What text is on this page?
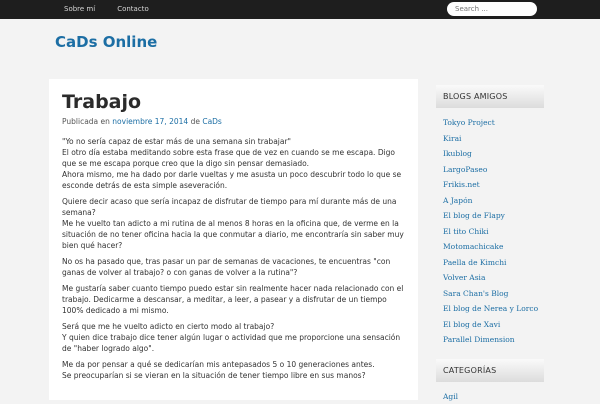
Sobre mí	Contacto
Search ...
CaDs Online
Trabajo
Publicada en noviembre 17, 2014 de CaDs

"Yo no sería capaz de estar más de una semana sin trabajar"
El otro día estaba meditando sobre esta frase que de vez en cuando se me escapa. Digo que se me escapa porque creo que la digo sin pensar demasiado.
Ahora mismo, me ha dado por darle vueltas y me asusta un poco descubrir todo lo que se esconde detrás de esta simple aseveración.

Quiere decir acaso que sería incapaz de disfrutar de tiempo para mí durante más de una semana?
Me he vuelto tan adicto a mi rutina de al menos 8 horas en la oficina que, de verme en la situación de no tener oficina hacia la que conmutar a diario, me encontraría sin saber muy bien qué hacer?

No os ha pasado que, tras pasar un par de semanas de vacaciones, te encuentras "con ganas de volver al trabajo? o con ganas de volver a la rutina"?

Me gustaría saber cuanto tiempo puedo estar sin realmente hacer nada relacionado con el trabajo. Dedicarme a descansar, a meditar, a leer, a pasear y a disfrutar de un tiempo 100% dedicado a mi mismo.

Será que me he vuelto adicto en cierto modo al trabajo?
Y quien dice trabajo dice tener algún lugar o actividad que me proporcione una sensación de "haber logrado algo".

Me da por pensar a qué se dedicarían mis antepasados 5 o 10 generaciones antes.
Se preocuparían si se vieran en la situación de tener tiempo libre en sus manos?

BLOGS AMIGOS
Tokyo Project
Kirai
Ikublog
LargoPaseo
Frikis.net
A Japón
El blog de Flapy
El tito Chiki
Motomachicake
Paella de Kimchi
Volver Asia
Sara Chan's Blog
El blog de Nerea y Lorco
El blog de Xavi
Parallel Dimension
CATEGORÍAS
Agil
